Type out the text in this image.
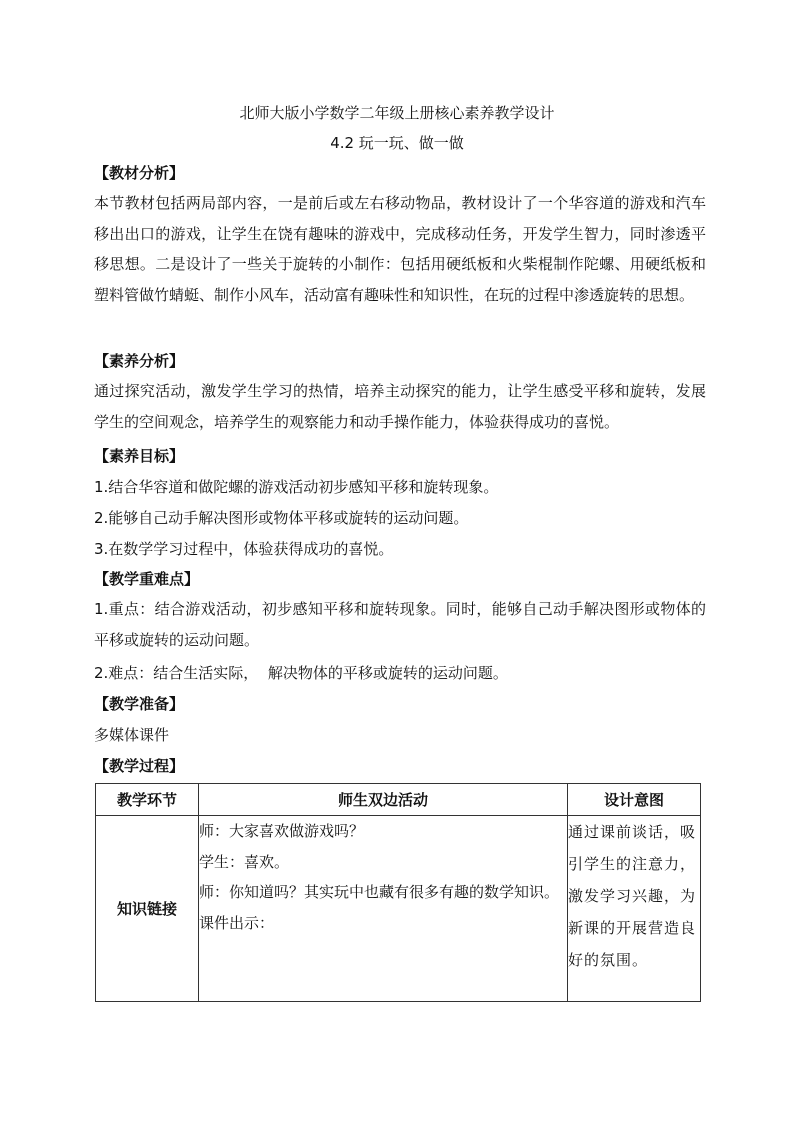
北师大版小学数学二年级上册核心素养教学设计
4.2 玩一玩、做一做
【教材分析】
本节教材包括两局部内容，一是前后或左右移动物品，教材设计了一个华容道的游戏和汽车移出出口的游戏，让学生在饶有趣味的游戏中，完成移动任务，开发学生智力，同时渗透平移思想。二是设计了一些关于旋转的小制作：包括用硬纸板和火柴棍制作陀螺、用硬纸板和塑料管做竹蜻蜓、制作小风车，活动富有趣味性和知识性，在玩的过程中渗透旋转的思想。
【素养分析】
通过探究活动，激发学生学习的热情，培养主动探究的能力，让学生感受平移和旋转，发展学生的空间观念，培养学生的观察能力和动手操作能力，体验获得成功的喜悦。
【素养目标】
1.结合华容道和做陀螺的游戏活动初步感知平移和旋转现象。
2.能够自己动手解决图形或物体平移或旋转的运动问题。
3.在数学学习过程中，体验获得成功的喜悦。
【教学重难点】
1.重点：结合游戏活动，初步感知平移和旋转现象。同时，能够自己动手解决图形或物体的平移或旋转的运动问题。
2.难点：结合生活实际，  解决物体的平移或旋转的运动问题。
【教学准备】
多媒体课件
【教学过程】
教学环节	师生双边活动	设计意图
知识链接	师：大家喜欢做游戏吗？
学生：喜欢。
师：你知道吗？其实玩中也藏有很多有趣的数学知识。
课件出示：	通过课前谈话，吸引学生的注意力，激发学习兴趣，为新课的开展营造良好的氛围。
